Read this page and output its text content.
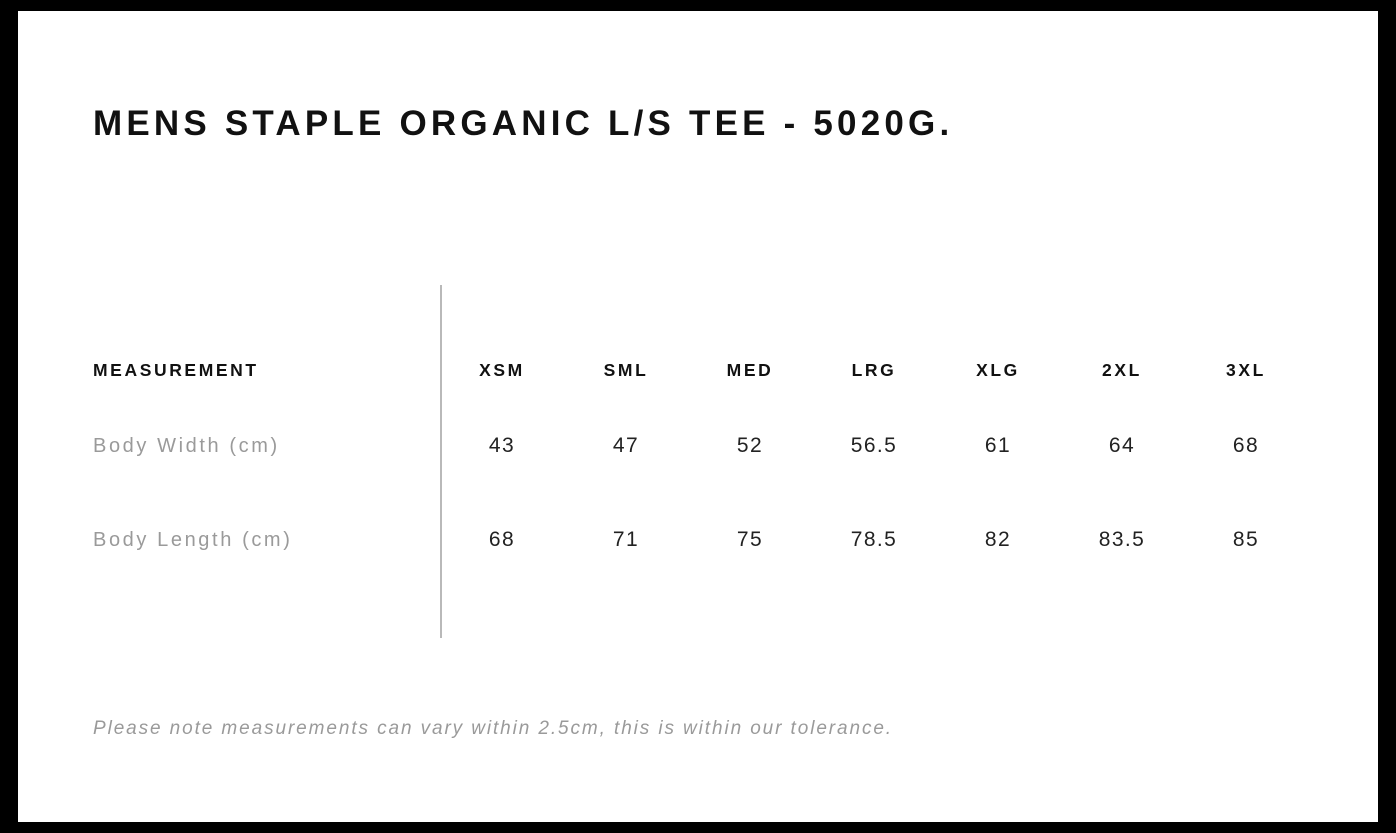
MENS STAPLE ORGANIC L/S TEE - 5020G.
MEASUREMENT	XSM	SML	MED	LRG	XLG	2XL	3XL
Body Width (cm)	43	47	52	56.5	61	64	68
Body Length (cm)	68	71	75	78.5	82	83.5	85
Please note measurements can vary within 2.5cm, this is within our tolerance.
